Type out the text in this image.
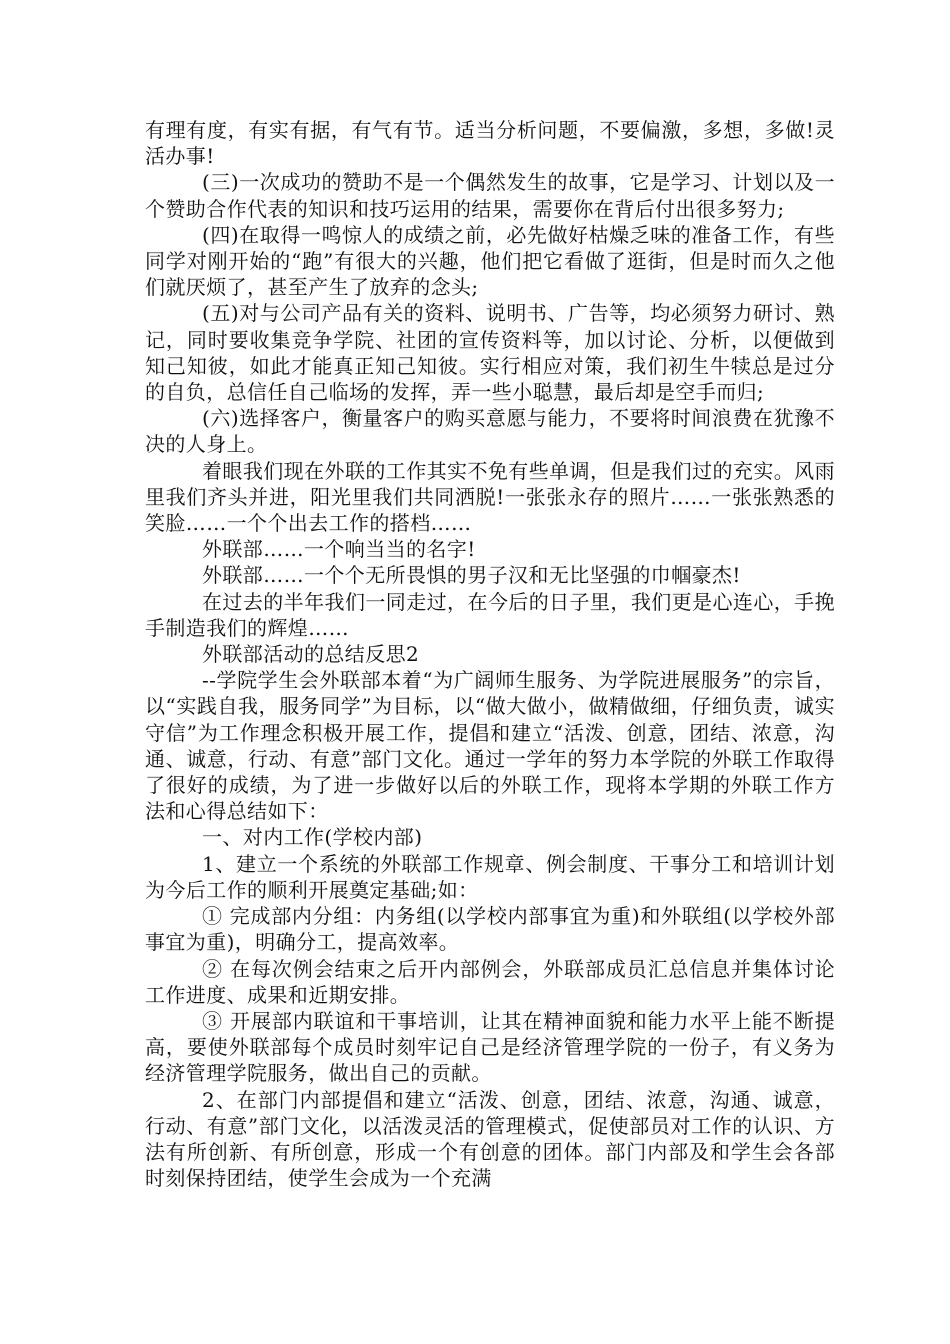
有理有度，有实有据，有气有节。适当分析问题，不要偏激，多想，多做!灵活办事!

(三)一次成功的赞助不是一个偶然发生的故事，它是学习、计划以及一个赞助合作代表的知识和技巧运用的结果，需要你在背后付出很多努力;

(四)在取得一鸣惊人的成绩之前，必先做好枯燥乏味的准备工作，有些同学对刚开始的“跑”有很大的兴趣，他们把它看做了逛街，但是时而久之他们就厌烦了，甚至产生了放弃的念头;

(五)对与公司产品有关的资料、说明书、广告等，均必须努力研讨、熟记，同时要收集竞争学院、社团的宣传资料等，加以讨论、分析，以便做到知己知彼，如此才能真正知己知彼。实行相应对策，我们初生牛犊总是过分的自负，总信任自己临场的发挥，弄一些小聪慧，最后却是空手而归;

(六)选择客户，衡量客户的购买意愿与能力，不要将时间浪费在犹豫不决的人身上。

着眼我们现在外联的工作其实不免有些单调，但是我们过的充实。风雨里我们齐头并进，阳光里我们共同洒脱!一张张永存的照片……一张张熟悉的笑脸……一个个出去工作的搭档……

外联部……一个响当当的名字!

外联部……一个个无所畏惧的男子汉和无比坚强的巾帼豪杰!

在过去的半年我们一同走过，在今后的日子里，我们更是心连心，手挽手制造我们的辉煌……

外联部活动的总结反思2

--学院学生会外联部本着“为广阔师生服务、为学院进展服务”的宗旨，以“实践自我，服务同学”为目标，以“做大做小，做精做细，仔细负责，诚实守信”为工作理念积极开展工作，提倡和建立“活泼、创意，团结、浓意，沟通、诚意，行动、有意”部门文化。通过一学年的努力本学院的外联工作取得了很好的成绩，为了进一步做好以后的外联工作，现将本学期的外联工作方法和心得总结如下：

一、对内工作(学校内部)

1、建立一个系统的外联部工作规章、例会制度、干事分工和培训计划为今后工作的顺利开展奠定基础;如：

① 完成部内分组：内务组(以学校内部事宜为重)和外联组(以学校外部事宜为重)，明确分工，提高效率。

② 在每次例会结束之后开内部例会，外联部成员汇总信息并集体讨论工作进度、成果和近期安排。

③ 开展部内联谊和干事培训，让其在精神面貌和能力水平上能不断提高，要使外联部每个成员时刻牢记自己是经济管理学院的一份子，有义务为经济管理学院服务，做出自己的贡献。

2、在部门内部提倡和建立“活泼、创意，团结、浓意，沟通、诚意，行动、有意”部门文化，以活泼灵活的管理模式，促使部员对工作的认识、方法有所创新、有所创意，形成一个有创意的团体。部门内部及和学生会各部时刻保持团结，使学生会成为一个充满
